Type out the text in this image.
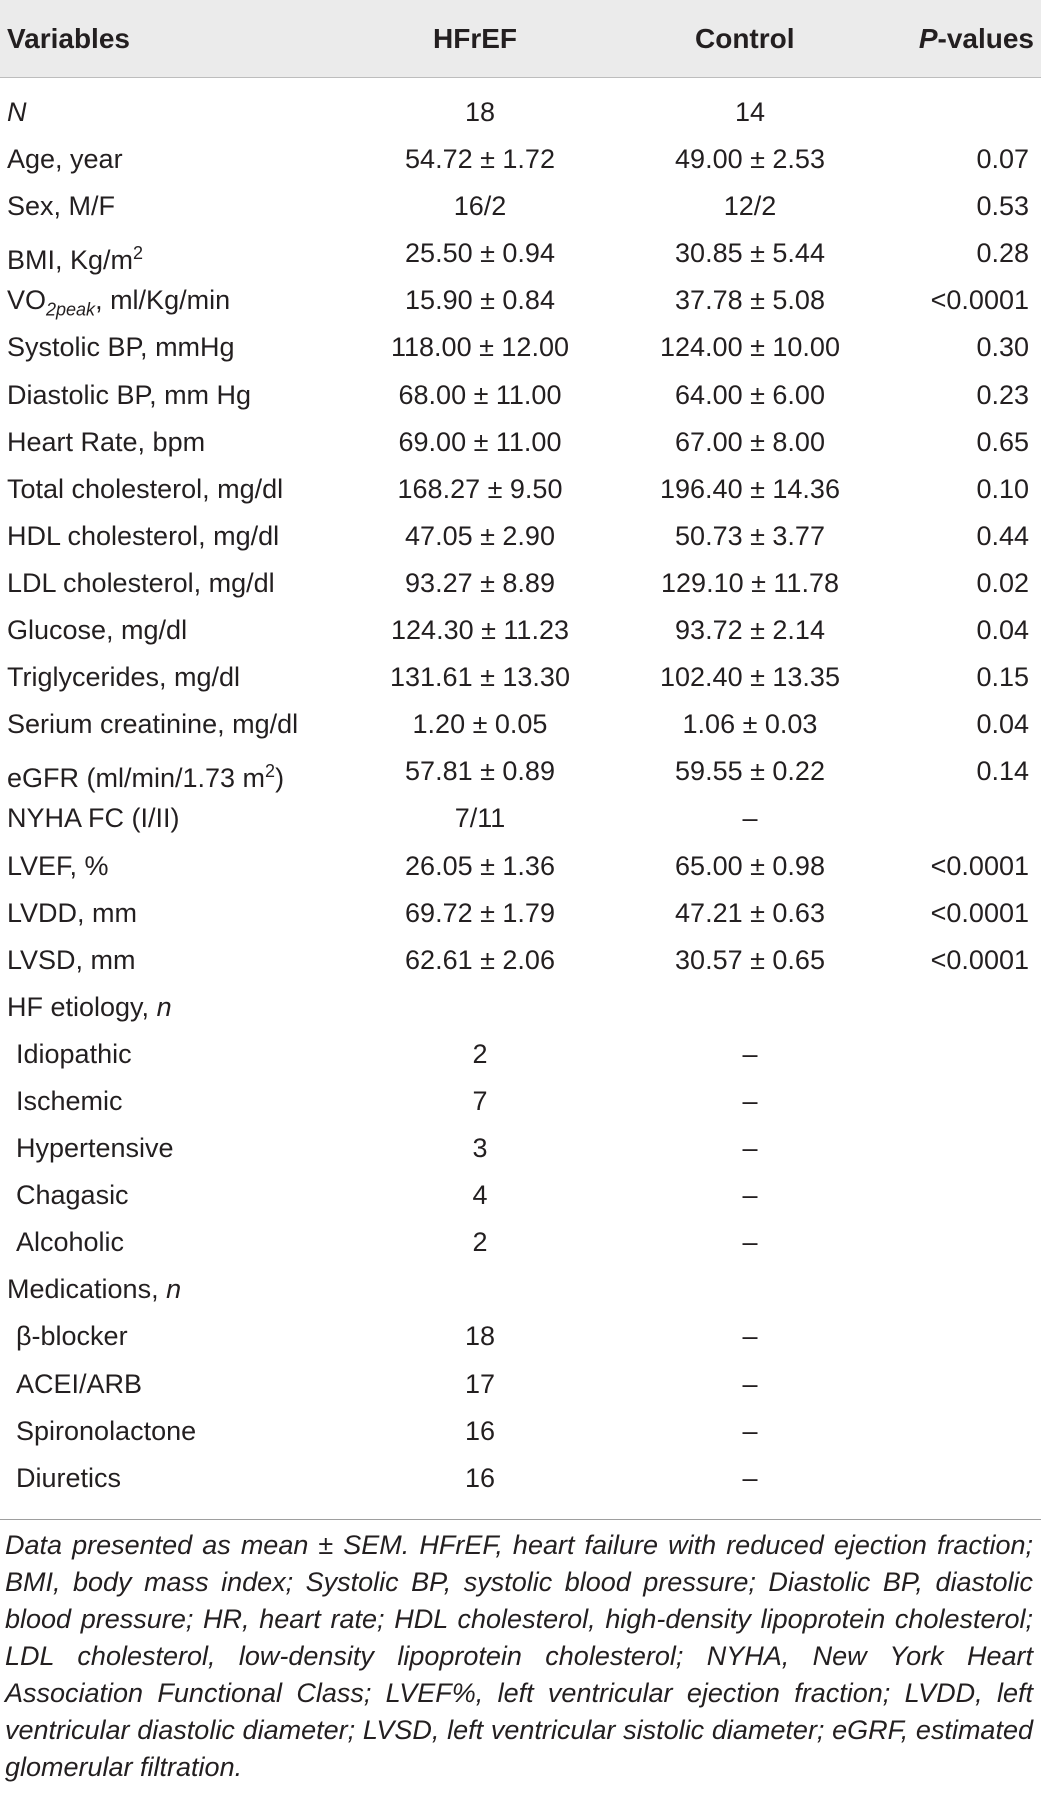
Variables	HFrEF	Control	P-values
N	18	14
Age, year	54.72 ± 1.72	49.00 ± 2.53	0.07
Sex, M/F	16/2	12/2	0.53
BMI, $Kg/m^2$	25.50 ± 0.94	30.85 ± 5.44	0.28
$VO_{2peak}$, ml/Kg/min	15.90 ± 0.84	37.78 ± 5.08	<0.0001
Systolic BP, mmHg	118.00 ± 12.00	124.00 ± 10.00	0.30
Diastolic BP, mm Hg	68.00 ± 11.00	64.00 ± 6.00	0.23
Heart Rate, bpm	69.00 ± 11.00	67.00 ± 8.00	0.65
Total cholesterol, mg/dl	168.27 ± 9.50	196.40 ± 14.36	0.10
HDL cholesterol, mg/dl	47.05 ± 2.90	50.73 ± 3.77	0.44
LDL cholesterol, mg/dl	93.27 ± 8.89	129.10 ± 11.78	0.02
Glucose, mg/dl	124.30 ± 11.23	93.72 ± 2.14	0.04
Triglycerides, mg/dl	131.61 ± 13.30	102.40 ± 13.35	0.15
Serium creatinine, mg/dl	1.20 ± 0.05	1.06 ± 0.03	0.04
eGFR (ml/min/1.73 $m^2$)	57.81 ± 0.89	59.55 ± 0.22	0.14
NYHA FC (I/II)	7/11	–
LVEF, %	26.05 ± 1.36	65.00 ± 0.98	<0.0001
LVDD, mm	69.72 ± 1.79	47.21 ± 0.63	<0.0001
LVSD, mm	62.61 ± 2.06	30.57 ± 0.65	<0.0001
HF etiology, n
Idiopathic	2	–
Ischemic	7	–
Hypertensive	3	–
Chagasic	4	–
Alcoholic	2	–
Medications, n
β-blocker	18	–
ACEI/ARB	17	–
Spironolactone	16	–
Diuretics	16	–
Data presented as mean ± SEM. HFrEF, heart failure with reduced ejection fraction; BMI, body mass index; Systolic BP, systolic blood pressure; Diastolic BP, diastolic blood pressure; HR, heart rate; HDL cholesterol, high-density lipoprotein cholesterol; LDL cholesterol, low-density lipoprotein cholesterol; NYHA, New York Heart Association Functional Class; LVEF%, left ventricular ejection fraction; LVDD, left ventricular diastolic diameter; LVSD, left ventricular sistolic diameter; eGRF, estimated glomerular filtration.
